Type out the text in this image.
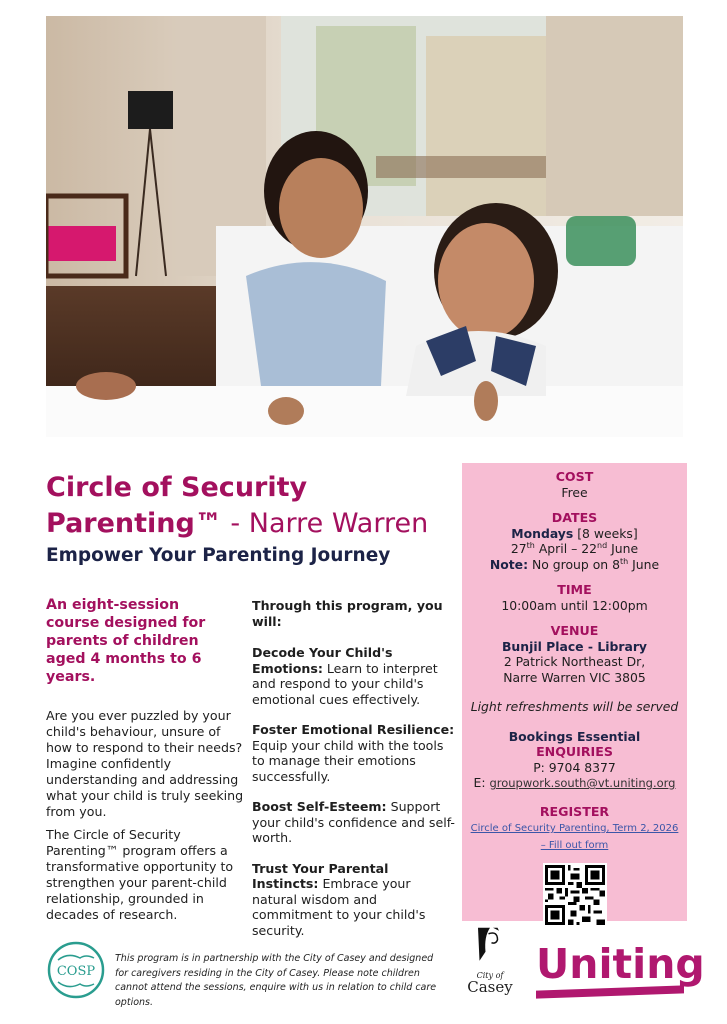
Circle of Security
Parenting™ - Narre Warren
Empower Your Parenting Journey
An eight-session course designed for parents of children aged 4 months to 6 years.

Are you ever puzzled by your child's behaviour, unsure of how to respond to their needs? Imagine confidently understanding and addressing what your child is truly seeking from you.

The Circle of Security Parenting™ program offers a transformative opportunity to strengthen your parent-child relationship, grounded in decades of research.

Through this program, you will:
Decode Your Child's Emotions: Learn to interpret and respond to your child's emotional cues effectively.
Foster Emotional Resilience: Equip your child with the tools to manage their emotions successfully.
Boost Self-Esteem: Support your child's confidence and self-worth.
Trust Your Parental Instincts: Embrace your natural wisdom and commitment to your child's security.
COST
Free
DATES
Mondays [8 weeks]
27th April – 22nd June
Note: No group on 8th June
TIME
10:00am until 12:00pm
VENUE
Bunjil Place - Library
2 Patrick Northeast Dr,
Narre Warren VIC 3805
Light refreshments will be served
Bookings Essential
ENQUIRIES
P: 9704 8377
E: groupwork.south@vt.uniting.org
REGISTER
Circle of Security Parenting, Term 2, 2026
– Fill out form
COSP
This program is in partnership with the City of Casey and designed for caregivers residing in the City of Casey. Please note children cannot attend the sessions, enquire with us in relation to child care options.
City of
Casey Uniting
